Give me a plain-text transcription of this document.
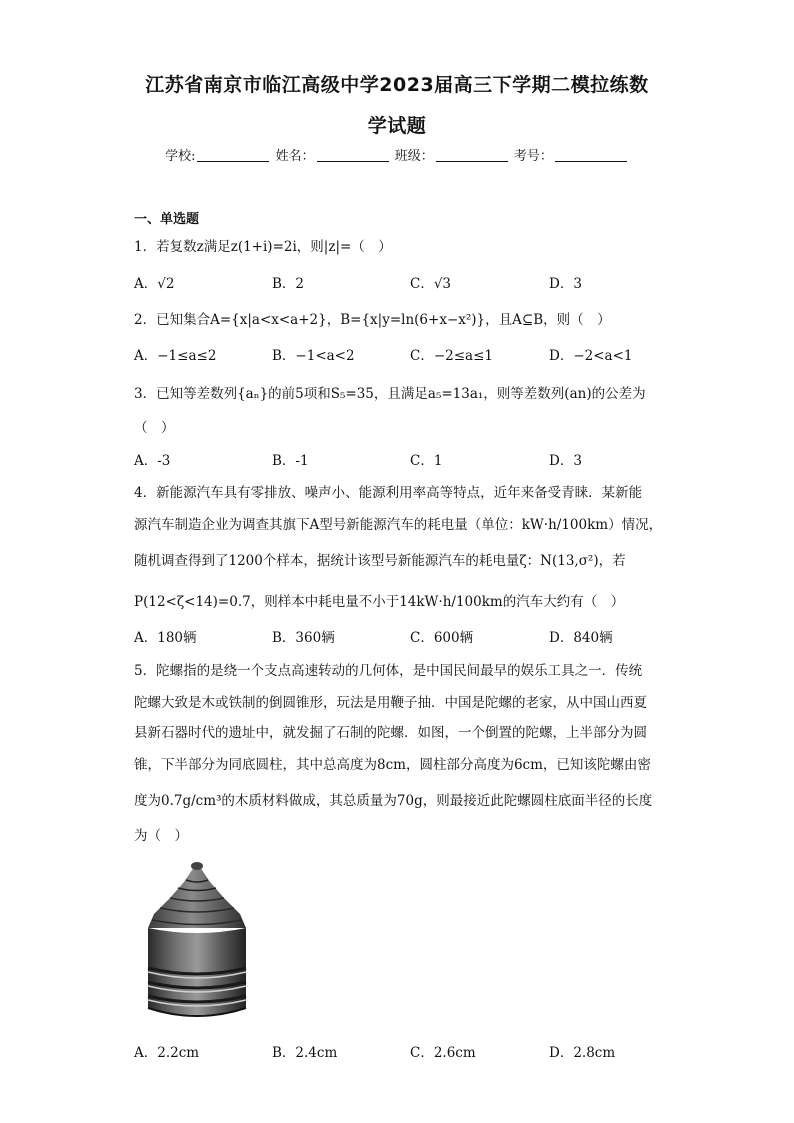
江苏省南京市临江高级中学2023届高三下学期二模拉练数
学试题
学校:	姓名：	班级：	考号：
一、单选题
1．若复数z满足z(1+i)=2i，则|z|=（　）
A．√2	B．2	C．√3	D．3
2．已知集合A={x|a<x<a+2}，B={x|y=ln(6+x−x²)}，且A⊆B，则（　）
A．−1≤a≤2	B．−1<a<2	C．−2≤a≤1	D．−2<a<1
3．已知等差数列{aₙ}的前5项和S₅=35，且满足a₅=13a₁，则等差数列(an)的公差为
（　）
A．-3	B．-1	C．1	D．3
4．新能源汽车具有零排放、噪声小、能源利用率高等特点，近年来备受青睐．某新能
源汽车制造企业为调查其旗下A型号新能源汽车的耗电量（单位：kW·h/100km）情况，
随机调查得到了1200个样本，据统计该型号新能源汽车的耗电量ζ：N(13,σ²)，若
P(12<ζ<14)=0.7，则样本中耗电量不小于14kW·h/100km的汽车大约有（　）
A．180辆	B．360辆	C．600辆	D．840辆
5．陀螺指的是绕一个支点高速转动的几何体，是中国民间最早的娱乐工具之一．传统
陀螺大致是木或铁制的倒圆锥形，玩法是用鞭子抽．中国是陀螺的老家，从中国山西夏
县新石器时代的遗址中，就发掘了石制的陀螺．如图，一个倒置的陀螺，上半部分为圆
锥，下半部分为同底圆柱，其中总高度为8cm，圆柱部分高度为6cm，已知该陀螺由密
度为0.7g/cm³的木质材料做成，其总质量为70g，则最接近此陀螺圆柱底面半径的长度
为（　）
A．2.2cm	B．2.4cm	C．2.6cm	D．2.8cm
